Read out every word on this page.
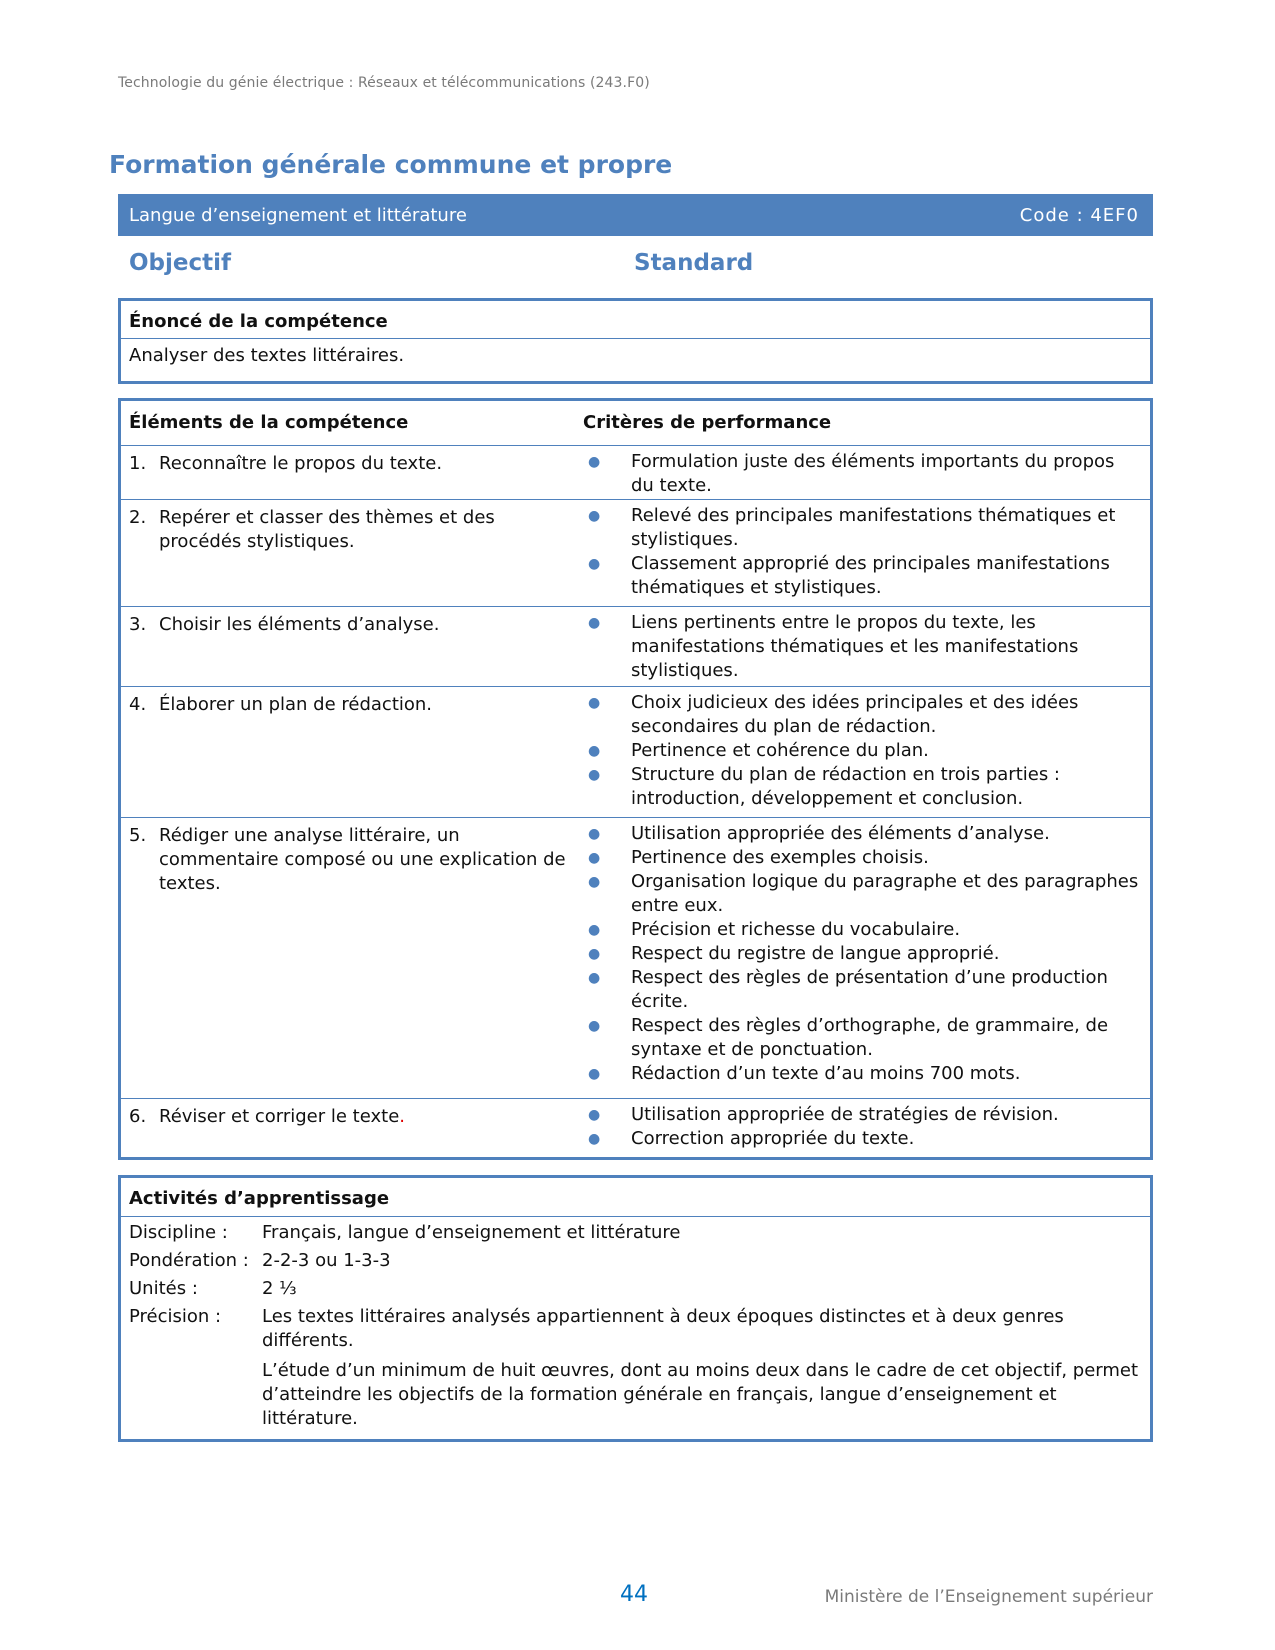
Technologie du génie électrique : Réseaux et télécommunications (243.F0)
Formation générale commune et propre
Langue d’enseignement et littérature	Code : 4EF0
Objectif	Standard
Énoncé de la compétence
Analyser des textes littéraires.
Éléments de la compétence	Critères de performance
1. Reconnaître le propos du texte.	●	Formulation juste des éléments importants du propos du texte.
2. Repérer et classer des thèmes et des procédés stylistiques.
●	Relevé des principales manifestations thématiques et stylistiques.
●	Classement approprié des principales manifestations thématiques et stylistiques.
3. Choisir les éléments d’analyse.	●	Liens pertinents entre le propos du texte, les manifestations thématiques et les manifestations stylistiques.
4. Élaborer un plan de rédaction.	●	Choix judicieux des idées principales et des idées secondaires du plan de rédaction.
●	Pertinence et cohérence du plan.
●	Structure du plan de rédaction en trois parties : introduction, développement et conclusion.
5. Rédiger une analyse littéraire, un commentaire composé ou une explication de textes.
●	Utilisation appropriée des éléments d’analyse.
●	Pertinence des exemples choisis.
●	Organisation logique du paragraphe et des paragraphes entre eux.
●	Précision et richesse du vocabulaire.
●	Respect du registre de langue approprié.
●	Respect des règles de présentation d’une production écrite.
●	Respect des règles d’orthographe, de grammaire, de syntaxe et de ponctuation.
●	Rédaction d’un texte d’au moins 700 mots.
6. Réviser et corriger le texte.	●	Utilisation appropriée de stratégies de révision.
●	Correction appropriée du texte.
Activités d’apprentissage
Discipline :	Français, langue d’enseignement et littérature
Pondération : 2-2-3 ou 1-3-3
Unités :	2 ⅓
Précision :	Les textes littéraires analysés appartiennent à deux époques distinctes et à deux genres différents.

L’étude d’un minimum de huit œuvres, dont au moins deux dans le cadre de cet objectif, permet d’atteindre les objectifs de la formation générale en français, langue d’enseignement et littérature.

44	Ministère de l’Enseignement supérieur
